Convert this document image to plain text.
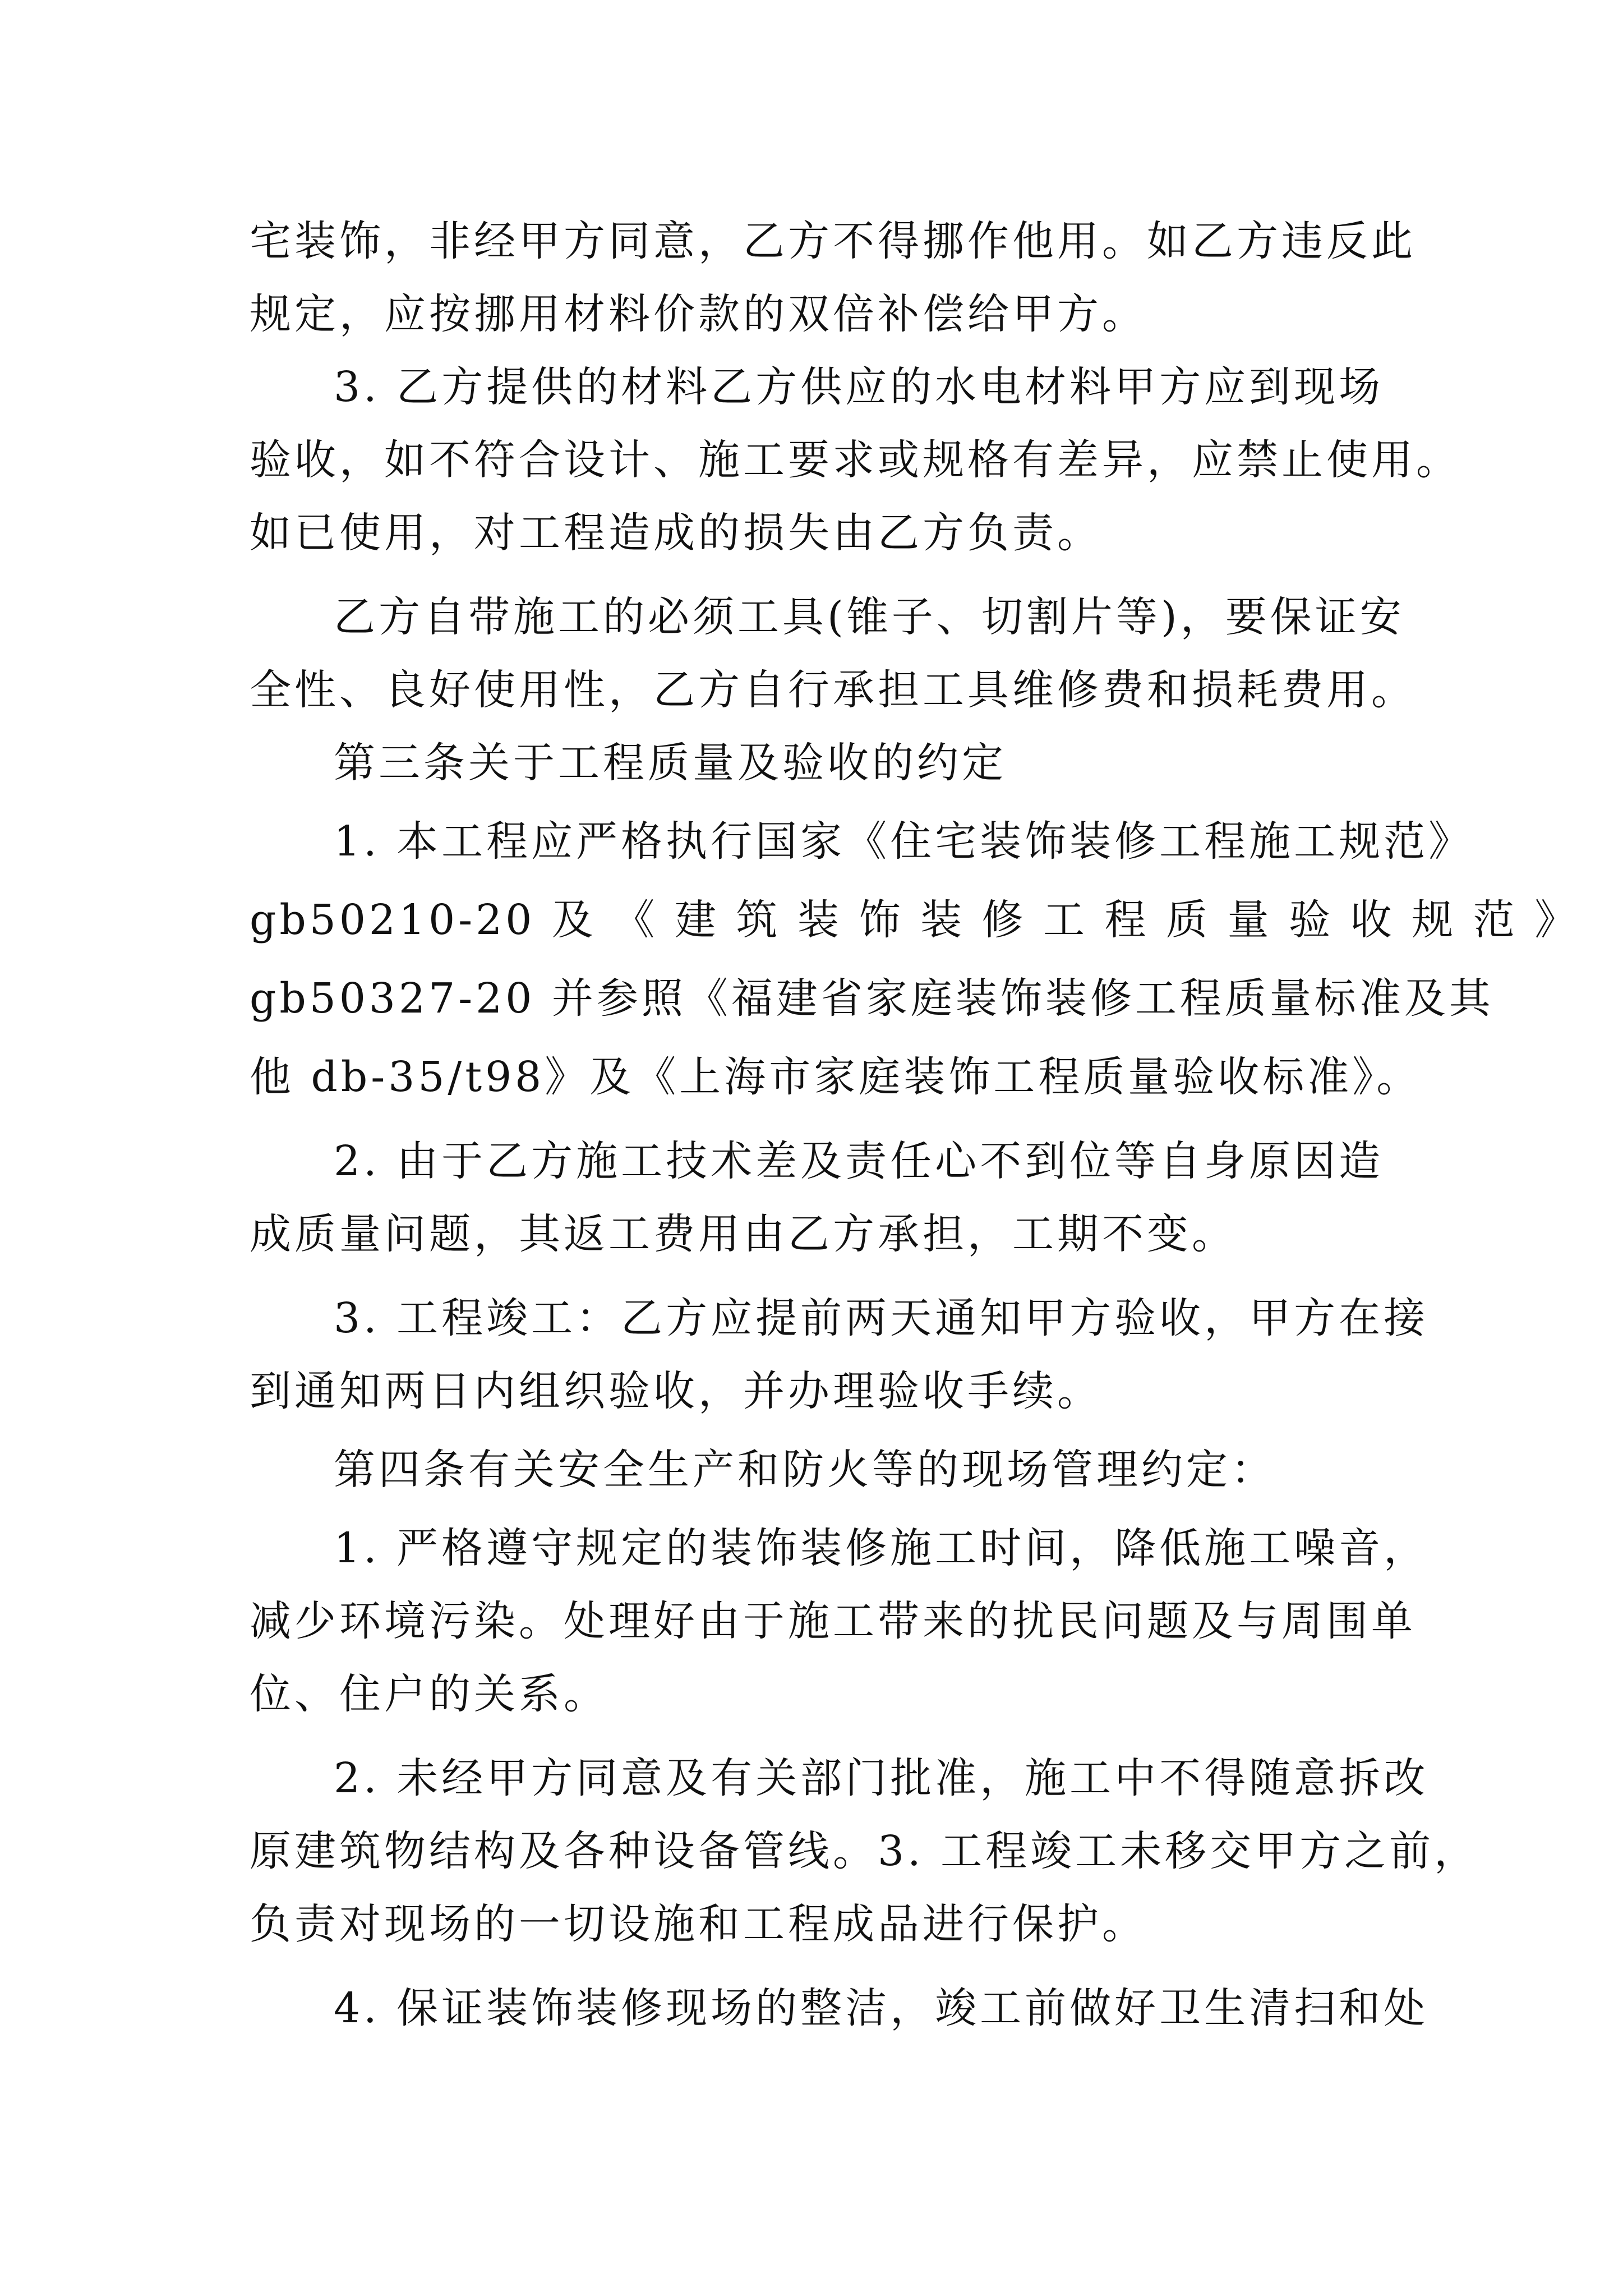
宅装饰，非经甲方同意，乙方不得挪作他用。如乙方违反此
规定，应按挪用材料价款的双倍补偿给甲方。
3. 乙方提供的材料乙方供应的水电材料甲方应到现场
验收，如不符合设计、施工要求或规格有差异，应禁止使用。
如已使用，对工程造成的损失由乙方负责。
乙方自带施工的必须工具(锥子、切割片等)，要保证安
全性、良好使用性，乙方自行承担工具维修费和损耗费用。
第三条关于工程质量及验收的约定
1. 本工程应严格执行国家《住宅装饰装修工程施工规范》
gb50210-20 及 《 建 筑 装 饰 装 修 工 程 质 量 验 收 规 范 》
gb50327-20 并参照《福建省家庭装饰装修工程质量标准及其
他 db-35/t98》及《上海市家庭装饰工程质量验收标准》。
2. 由于乙方施工技术差及责任心不到位等自身原因造
成质量问题，其返工费用由乙方承担，工期不变。
3. 工程竣工：乙方应提前两天通知甲方验收，甲方在接
到通知两日内组织验收，并办理验收手续。
第四条有关安全生产和防火等的现场管理约定：
1. 严格遵守规定的装饰装修施工时间，降低施工噪音，
减少环境污染。处理好由于施工带来的扰民问题及与周围单
位、住户的关系。
2. 未经甲方同意及有关部门批准，施工中不得随意拆改
原建筑物结构及各种设备管线。3. 工程竣工未移交甲方之前，
负责对现场的一切设施和工程成品进行保护。
4. 保证装饰装修现场的整洁，竣工前做好卫生清扫和处
